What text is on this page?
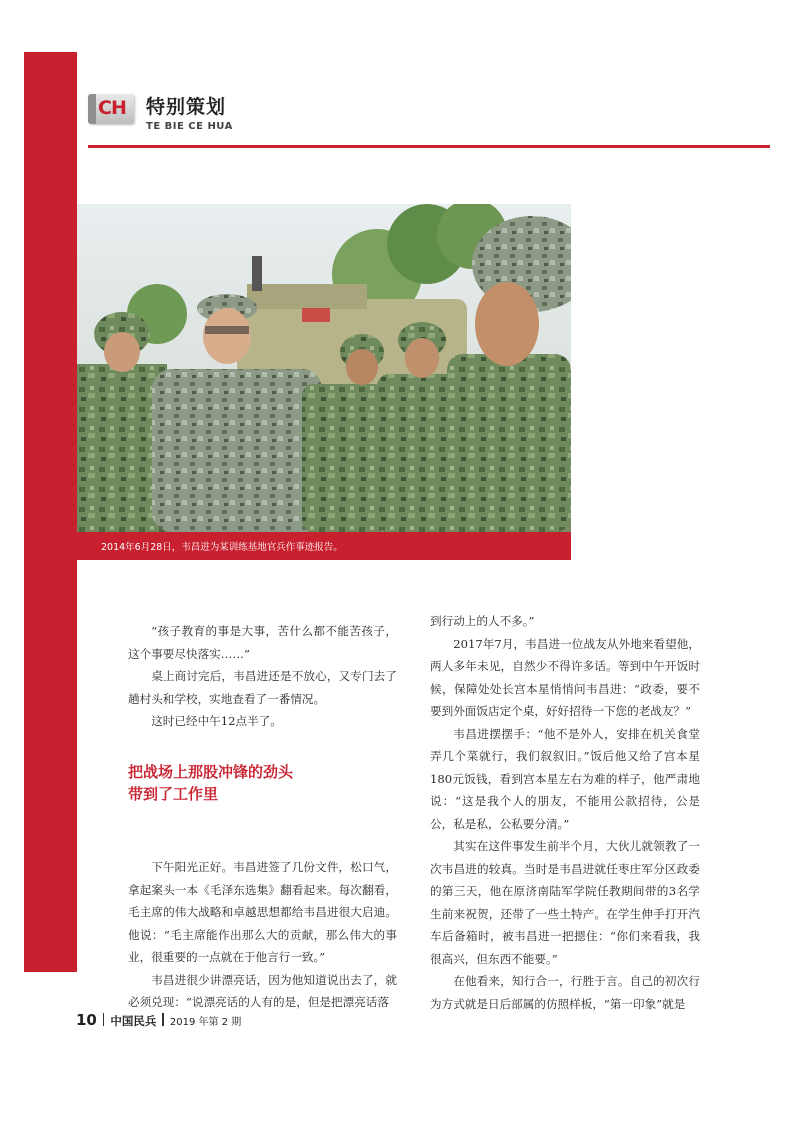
CH 特别策划
TE BIE CE HUA
2014年6月28日，韦昌进为某训练基地官兵作事迹报告。

“孩子教育的事是大事，苦什么都不能苦孩子，这个事要尽快落实……”

桌上商讨完后，韦昌进还是不放心，又专门去了趟村头和学校，实地查看了一番情况。

这时已经中午12点半了。

把战场上那股冲锋的劲头
带到了工作里

下午阳光正好。韦昌进签了几份文件，松口气，拿起案头一本《毛泽东选集》翻看起来。每次翻看，毛主席的伟大战略和卓越思想都给韦昌进很大启迪。他说：“毛主席能作出那么大的贡献，那么伟大的事业，很重要的一点就在于他言行一致。”

韦昌进很少讲漂亮话，因为他知道说出去了，就必须兑现：“说漂亮话的人有的是，但是把漂亮话落

到行动上的人不多。”

2017年7月，韦昌进一位战友从外地来看望他，两人多年未见，自然少不得许多话。等到中午开饭时候，保障处处长宫本星悄悄问韦昌进：“政委，要不要到外面饭店定个桌，好好招待一下您的老战友？”

韦昌进摆摆手：“他不是外人，安排在机关食堂弄几个菜就行，我们叙叙旧。”饭后他又给了宫本星180元饭钱，看到宫本星左右为难的样子，他严肃地说：“这是我个人的朋友，不能用公款招待，公是公，私是私，公私要分清。”

其实在这件事发生前半个月，大伙儿就领教了一次韦昌进的较真。当时是韦昌进就任枣庄军分区政委的第三天，他在原济南陆军学院任教期间带的3名学生前来祝贺，还带了一些土特产。在学生伸手打开汽车后备箱时，被韦昌进一把摁住：“你们来看我，我很高兴，但东西不能要。”

在他看来，知行合一，行胜于言。自己的初次行为方式就是日后部属的仿照样板，“第一印象”就是

10 中国民兵 2019 年第 2 期
